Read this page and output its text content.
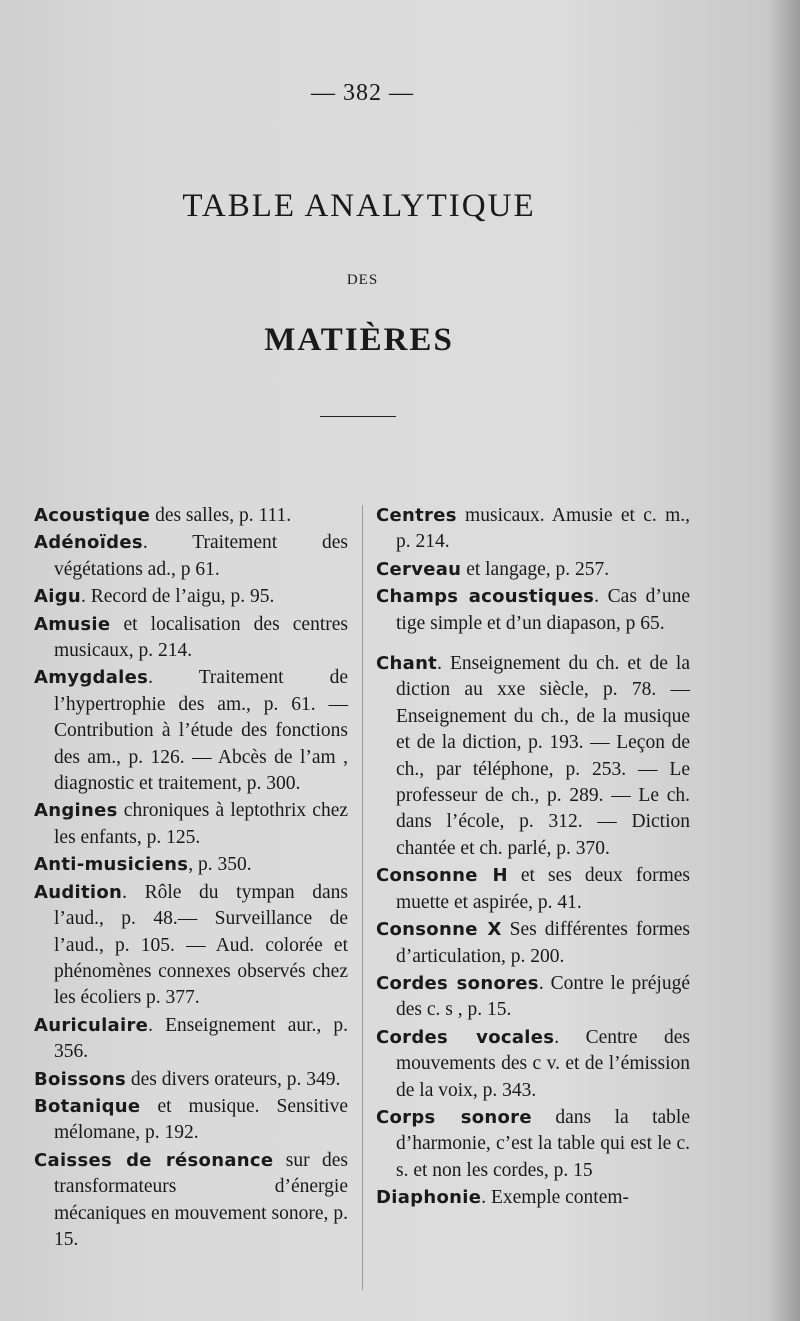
— 382 —
TABLE ANALYTIQUE
DES
MATIÈRES

Acoustique des salles, p. 111.

Adénoïdes. Traitement des végétations ad., p 61.

Aigu. Record de l’aigu, p. 95.

Amusie et localisation des centres musicaux, p. 214.

Amygdales. Traitement de l’hypertrophie des am., p. 61. — Contribution à l’étude des fonctions des am., p. 126. — Abcès de l’am , diagnostic et traitement, p. 300.

Angines chroniques à leptothrix chez les enfants, p. 125.

Anti-musiciens, p. 350.

Audition. Rôle du tympan dans l’aud., p. 48.— Surveillance de l’aud., p. 105. — Aud. colorée et phénomènes connexes observés chez les écoliers p. 377.

Auriculaire. Enseignement aur., p. 356.

Boissons des divers orateurs, p. 349.

Botanique et musique. Sensitive mélomane, p. 192.

Caisses de résonance sur des transformateurs d’énergie mécaniques en mouvement sonore, p. 15.

Centres musicaux. Amusie et c. m., p. 214.

Cerveau et langage, p. 257.

Champs acoustiques. Cas d’une tige simple et d’un diapason, p 65.

Chant. Enseignement du ch. et de la diction au xxe siècle, p. 78. — Enseignement du ch., de la musique et de la diction, p. 193. — Leçon de ch., par téléphone, p. 253. — Le professeur de ch., p. 289. — Le ch. dans l’école, p. 312. — Diction chantée et ch. parlé, p. 370.

Consonne H et ses deux formes muette et aspirée, p. 41.

Consonne X Ses différentes formes d’articulation, p. 200.

Cordes sonores. Contre le préjugé des c. s , p. 15.

Cordes vocales. Centre des mouvements des c v. et de l’émission de la voix, p. 343.

Corps sonore dans la table d’harmonie, c’est la table qui est le c. s. et non les cordes, p. 15

Diaphonie. Exemple contem-
